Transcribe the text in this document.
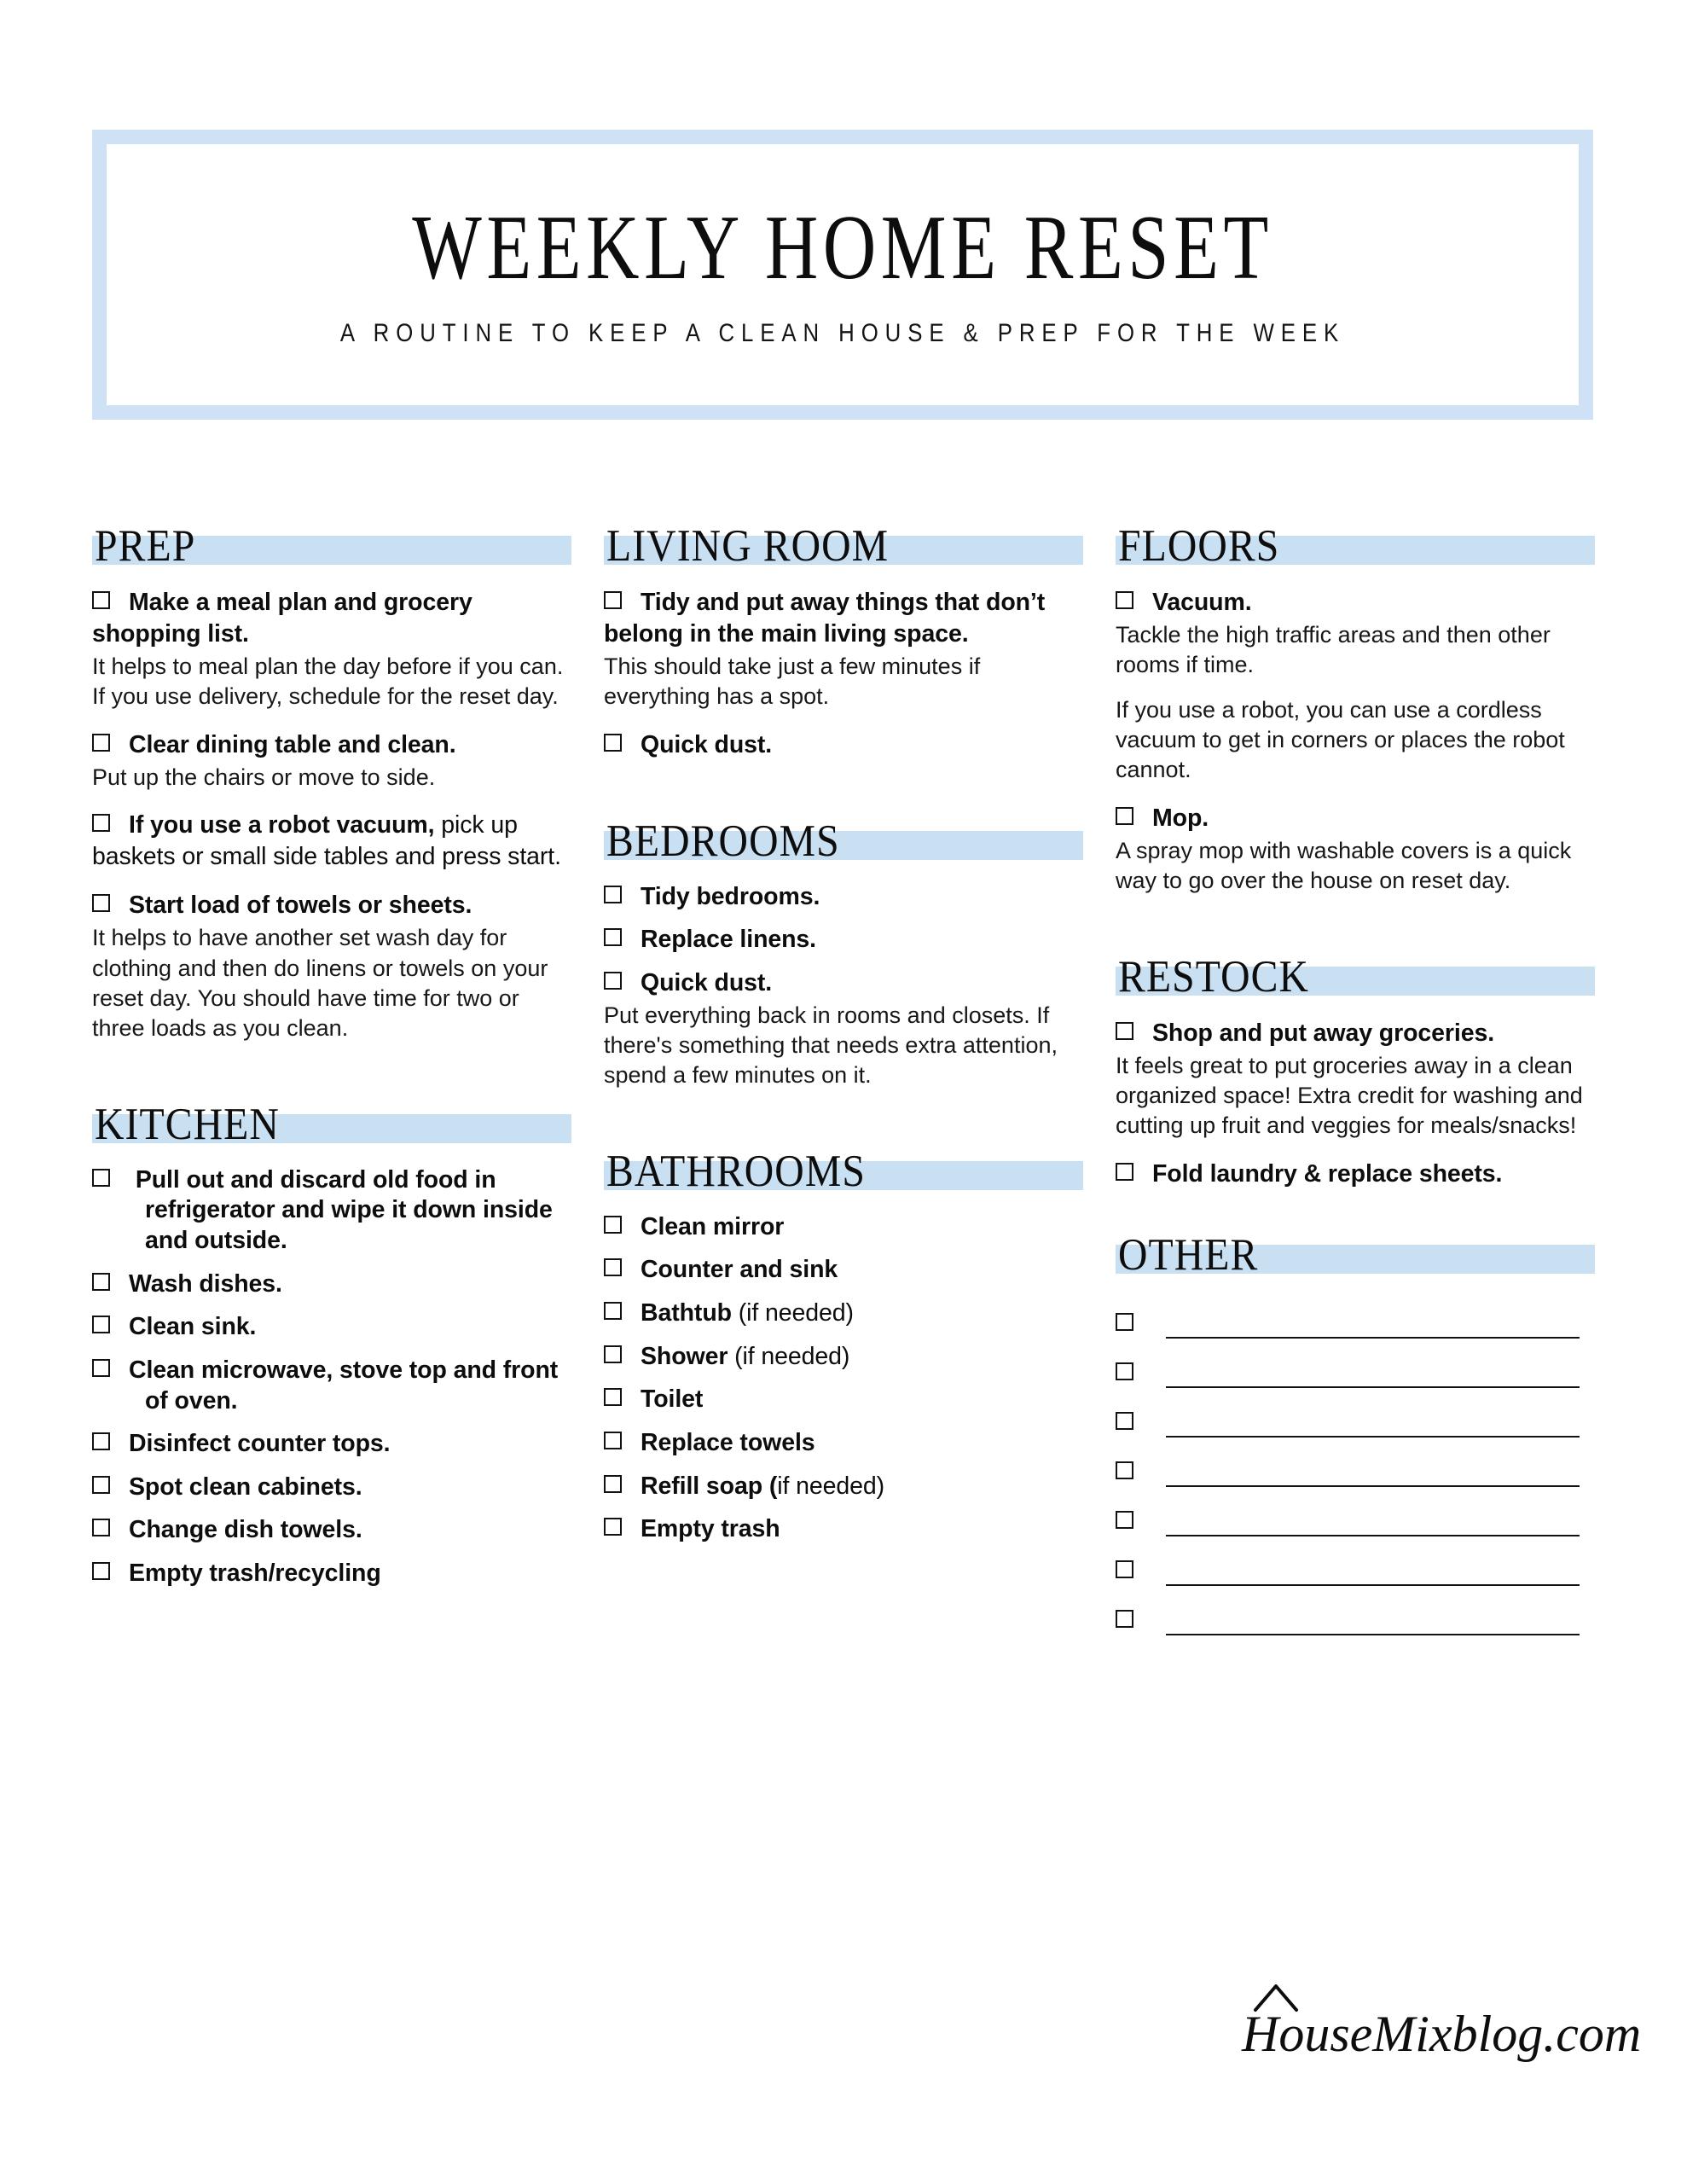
WEEKLY HOME RESET
A ROUTINE TO KEEP A CLEAN HOUSE & PREP FOR THE WEEK
PREP

Make a meal plan and grocery shopping list.

It helps to meal plan the day before if you can. If you use delivery, schedule for the reset day.

Clear dining table and clean.

Put up the chairs or move to side.

If you use a robot vacuum, pick up baskets or small side tables and press start.

Start load of towels or sheets.

It helps to have another set wash day for clothing and then do linens or towels on your reset day. You should have time for two or three loads as you clean.

KITCHEN

Pull out and discard old food in refrigerator and wipe it down inside and outside.

Wash dishes.

Clean sink.

Clean microwave, stove top and front of oven.

Disinfect counter tops.

Spot clean cabinets.

Change dish towels.

Empty trash/recycling

LIVING ROOM

Tidy and put away things that don’t belong in the main living space.

This should take just a few minutes if everything has a spot.

Quick dust.

BEDROOMS

Tidy bedrooms.

Replace linens.

Quick dust.

Put everything back in rooms and closets. If there's something that needs extra attention, spend a few minutes on it.

BATHROOMS

Clean mirror

Counter and sink

Bathtub (if needed)

Shower (if needed)

Toilet

Replace towels

Refill soap (if needed)

Empty trash

FLOORS

Vacuum.

Tackle the high traffic areas and then other rooms if time.

If you use a robot, you can use a cordless vacuum to get in corners or places the robot cannot.

Mop.

A spray mop with washable covers is a quick way to go over the house on reset day.

RESTOCK

Shop and put away groceries.

It feels great to put groceries away in a clean organized space! Extra credit for washing and cutting up fruit and veggies for meals/snacks!

Fold laundry & replace sheets.

OTHER
HouseMixblog.com
